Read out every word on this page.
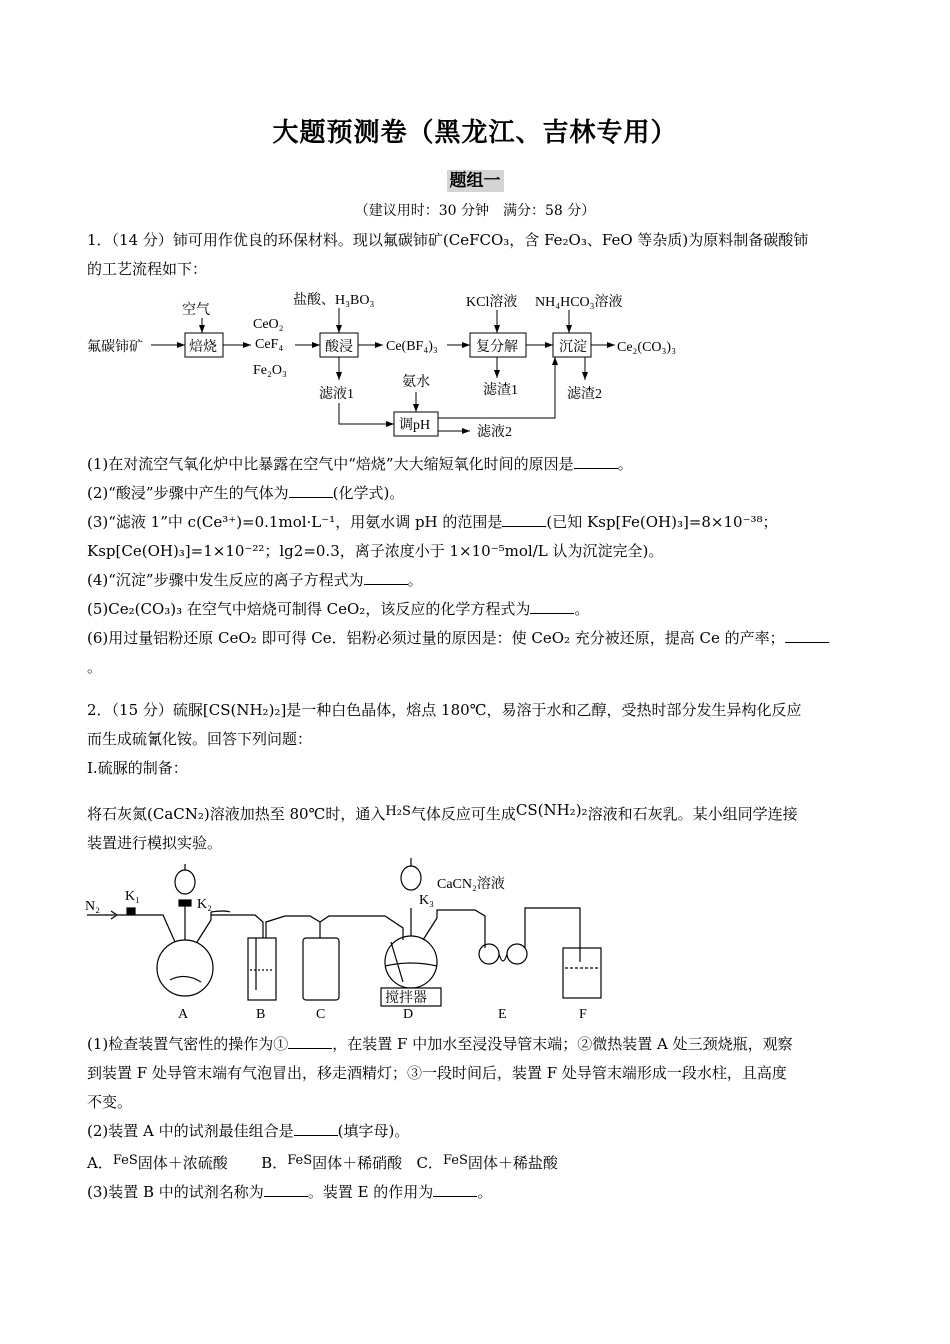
大题预测卷（黑龙江、吉林专用）
题组一
（建议用时：30 分钟　满分：58 分）
1．（14 分）铈可用作优良的环保材料。现以氟碳铈矿(CeFCO₃，含 Fe₂O₃、FeO 等杂质)为原料制备碳酸铈
的工艺流程如下：
氟碳铈矿
空气
焙烧
CeO₂
CeF₄
Fe₂O₃
盐酸、H₃BO₃
酸浸 Ce(BF₄)₃
KCl溶液
复分解
NH₄HCO₃溶液
沉淀 Ce₂(CO₃)₃
滤液1
氨水
滤渣1	滤渣2
调pH	滤液2
(1)在对流空气氧化炉中比暴露在空气中“焙烧”大大缩短氧化时间的原因是	。
(2)“酸浸”步骤中产生的气体为	(化学式)。
(3)“滤液 1”中 c(Ce³⁺)=0.1mol·L⁻¹，用氨水调 pH 的范围是	(已知 Ksp[Fe(OH)₃]=8×10⁻³⁸；
Ksp[Ce(OH)₃]=1×10⁻²²；lg2=0.3，离子浓度小于 1×10⁻⁵mol/L 认为沉淀完全)。
(4)“沉淀”步骤中发生反应的离子方程式为	。
(5)Ce₂(CO₃)₃ 在空气中焙烧可制得 CeO₂，该反应的化学方程式为	。
(6)用过量铝粉还原 CeO₂ 即可得 Ce．铝粉必须过量的原因是：使 CeO₂ 充分被还原，提高 Ce 的产率；
。
2．（15 分）硫脲[CS(NH₂)₂]是一种白色晶体，熔点 180℃，易溶于水和乙醇，受热时部分发生异构化反应
而生成硫氰化铵。回答下列问题：
I.硫脲的制备：
将石灰氮(CaCN₂)溶液加热至 80℃时，通入H₂S气体反应可生成CS(NH₂)₂溶液和石灰乳。某小组同学连接
装置进行模拟实验。
N₂
K₁
K₂	K₃
CaCN₂溶液
搅拌器
A	B	C	D	E	F
(1)检查装置气密性的操作为①	，在装置 F 中加水至浸没导管末端；②微热装置 A 处三颈烧瓶，观察
到装置 F 处导管末端有气泡冒出，移走酒精灯；③一段时间后，装置 F 处导管末端形成一段水柱，且高度
不变。
(2)装置 A 中的试剂最佳组合是	(填字母)。
A．FeS固体＋浓硫酸 B．FeS固体＋稀硝酸 C．FeS固体＋稀盐酸
(3)装置 B 中的试剂名称为	。装置 E 的作用为	。
